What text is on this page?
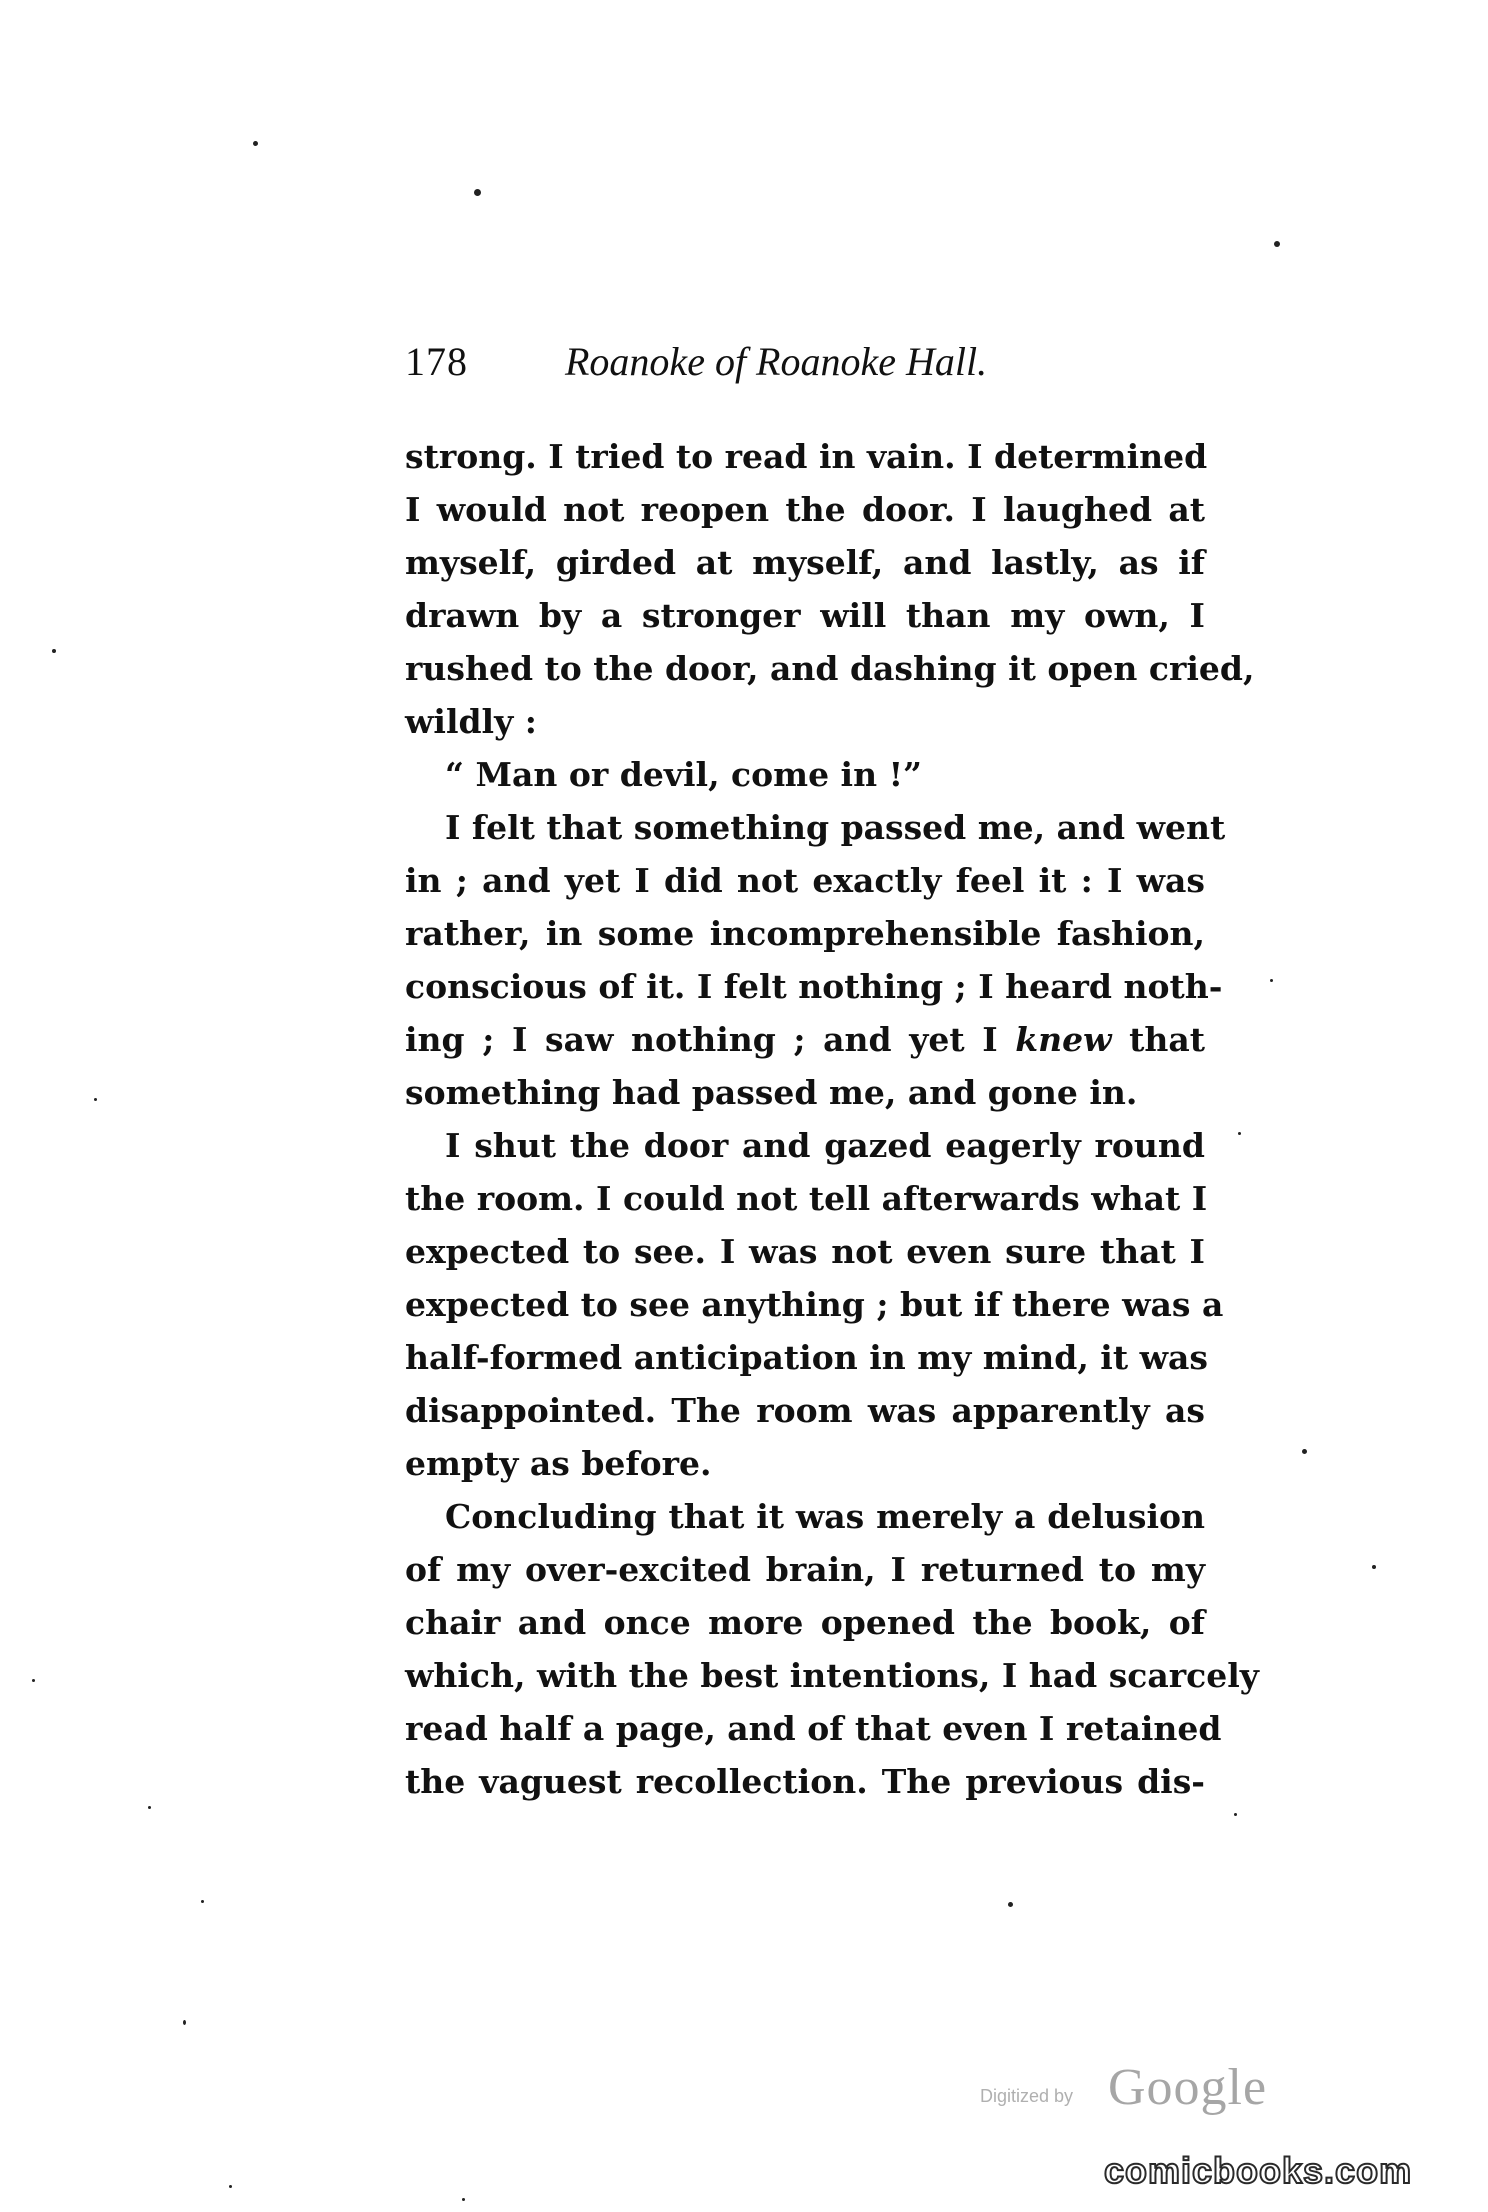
178 Roanoke of Roanoke Hall.
strong. I tried to read in vain. I determined
I would not reopen the door. I laughed at
myself, girded at myself, and lastly, as if
drawn by a stronger will than my own, I
rushed to the door, and dashing it open cried,
wildly :
“ Man or devil, come in !”
I felt that something passed me, and went
in ; and yet I did not exactly feel it : I was
rather, in some incomprehensible fashion,
conscious of it. I felt nothing ; I heard noth-
ing ; I saw nothing ; and yet I knew that
something had passed me, and gone in.
I shut the door and gazed eagerly round
the room. I could not tell afterwards what I
expected to see. I was not even sure that I
expected to see anything ; but if there was a
half-formed anticipation in my mind, it was
disappointed. The room was apparently as
empty as before.
Concluding that it was merely a delusion
of my over-excited brain, I returned to my
chair and once more opened the book, of
which, with the best intentions, I had scarcely
read half a page, and of that even I retained
the vaguest recollection. The previous dis-
Digitized by Google
comicbooks.com
